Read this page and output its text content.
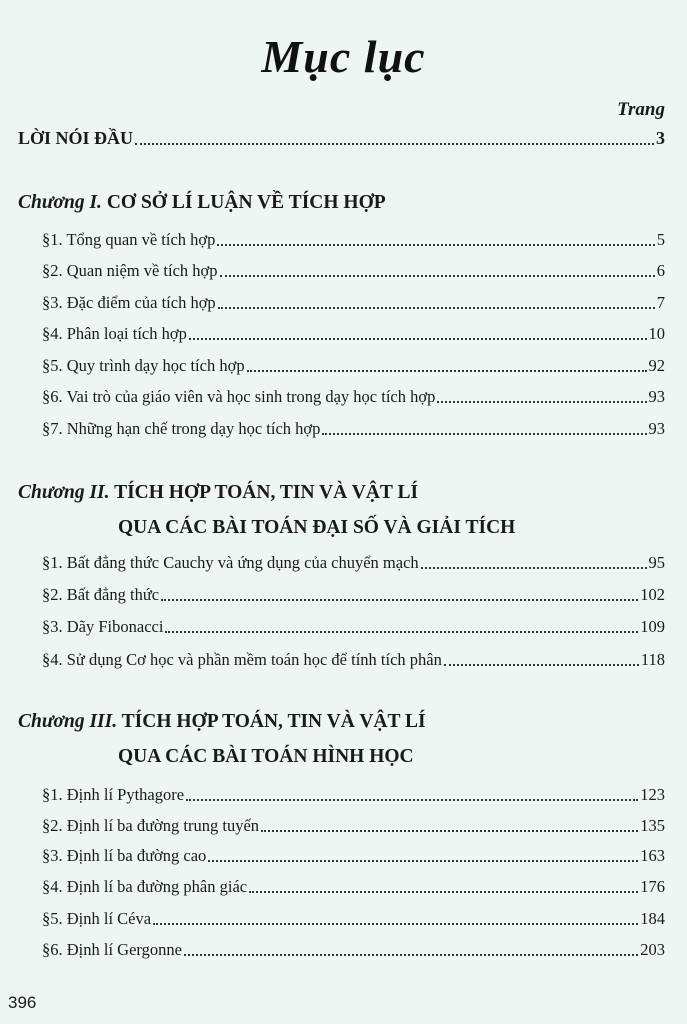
Mục lục
Trang
LỜI NÓI ĐẦU	3
Chương I. CƠ SỞ LÍ LUẬN VỀ TÍCH HỢP
§1. Tổng quan về tích hợp	5
§2. Quan niệm về tích hợp	6
§3. Đặc điểm của tích hợp	7
§4. Phân loại tích hợp	10
§5. Quy trình dạy học tích hợp	92
§6. Vai trò của giáo viên và học sinh trong dạy học tích hợp	93
§7. Những hạn chế trong dạy học tích hợp	93
Chương II. TÍCH HỢP TOÁN, TIN VÀ VẬT LÍ
QUA CÁC BÀI TOÁN ĐẠI SỐ VÀ GIẢI TÍCH
§1. Bất đẳng thức Cauchy và ứng dụng của chuyển mạch	95
§2. Bất đẳng thức	102
§3. Dãy Fibonacci	109
§4. Sử dụng Cơ học và phần mềm toán học để tính tích phân	118
Chương III. TÍCH HỢP TOÁN, TIN VÀ VẬT LÍ
QUA CÁC BÀI TOÁN HÌNH HỌC
§1. Định lí Pythagore	123
§2. Định lí ba đường trung tuyến	135
§3. Định lí ba đường cao	163
§4. Định lí ba đường phân giác	176
§5. Định lí Céva	184
§6. Định lí Gergonne	203
396
